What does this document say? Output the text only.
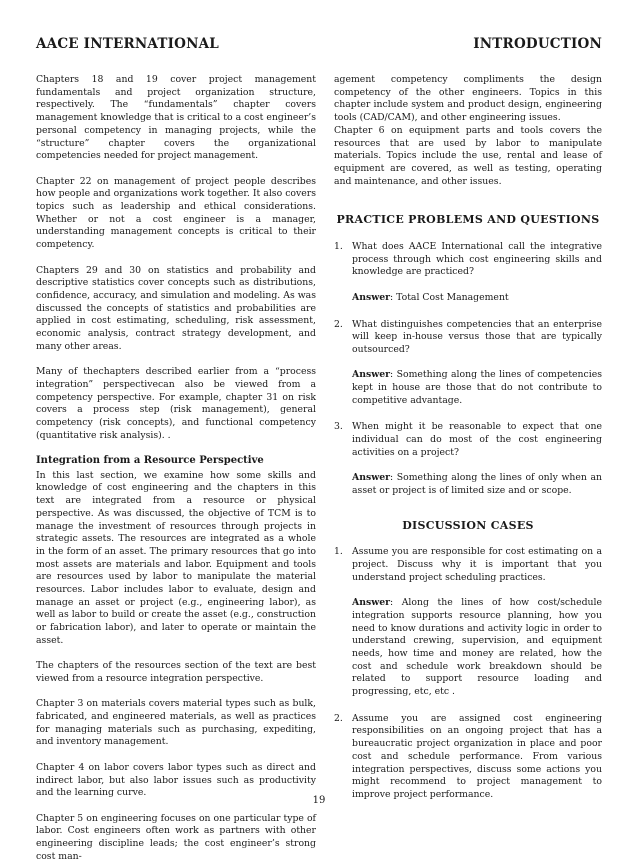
AACE INTERNATIONAL	INTRODUCTION

Chapters 18 and 19 cover project management fundamentals and project organization structure, respectively. The “fundamentals” chapter covers management knowledge that is critical to a cost engineer’s personal competency in managing projects, while the “structure” chapter covers the organizational competencies needed for project management.

Chapter 22 on management of project people describes how people and organizations work together. It also covers topics such as leadership and ethical considerations. Whether or not a cost engineer is a manager, understanding management concepts is critical to their competency.

Chapters 29 and 30 on statistics and probability and descriptive statistics cover concepts such as distributions, confidence, accuracy, and simulation and modeling. As was discussed the concepts of statistics and probabilities are applied in cost estimating, scheduling, risk assessment, economic analysis, contract strategy development, and many other areas.

Many of thechapters described earlier from a “process integration” perspectivecan also be viewed from a competency perspective. For example, chapter 31 on risk covers a process step (risk management), general competency (risk concepts), and functional competency (quantitative risk analysis). .

Integration from a Resource Perspective

In this last section, we examine how some skills and knowledge of cost engineering and the chapters in this text are integrated from a resource or physical perspective. As was discussed, the objective of TCM is to manage the investment of resources through projects in strategic assets. The resources are integrated as a whole in the form of an asset. The primary resources that go into most assets are materials and labor. Equipment and tools are resources used by labor to manipulate the material resources. Labor includes labor to evaluate, design and manage an asset or project (e.g., engineering labor), as well as labor to build or create the asset (e.g., construction or fabrication labor), and later to operate or maintain the asset.

The chapters of the resources section of the text are best viewed from a resource integration perspective.

Chapter 3 on materials covers material types such as bulk, fabricated, and engineered materials, as well as practices for managing materials such as purchasing, expediting, and inventory management.

Chapter 4 on labor covers labor types such as direct and indirect labor, but also labor issues such as productivity and the learning curve.

Chapter 5 on engineering focuses on one particular type of labor. Cost engineers often work as partners with other engineering discipline leads; the cost engineer’s strong cost man-

agement competency compliments the design competency of the other engineers. Topics in this chapter include system and product design, engineering tools (CAD/CAM), and other engineering issues.

Chapter 6 on equipment parts and tools covers the resources that are used by labor to manipulate materials. Topics include the use, rental and lease of equipment are covered, as well as testing, operating and maintenance, and other issues.

PRACTICE PROBLEMS AND QUESTIONS
1. What does AACE International call the integrative process through which cost engineering skills and knowledge are practiced?

Answer: Total Cost Management

2. What distinguishes competencies that an enterprise will keep in-house versus those that are typically outsourced?

Answer: Something along the lines of competencies kept in house are those that do not contribute to competitive advantage.

3. When might it be reasonable to expect that one individual can do most of the cost engineering activities on a project?

Answer: Something along the lines of only when an asset or project is of limited size and or scope.

DISCUSSION CASES
1. Assume you are responsible for cost estimating on a project. Discuss why it is important that you understand project scheduling practices.

Answer: Along the lines of how cost/schedule integration supports resource planning, how you need to know durations and activity logic in order to understand crewing, supervision, and equipment needs, how time and money are related, how the cost and schedule work breakdown should be related to support resource loading and progressing, etc, etc .

2. Assume you are assigned cost engineering responsibilities on an ongoing project that has a bureaucratic project organization in place and poor cost and schedule performance. From various integration perspectives, discuss some actions you might recommend to project management to improve project performance.

19
